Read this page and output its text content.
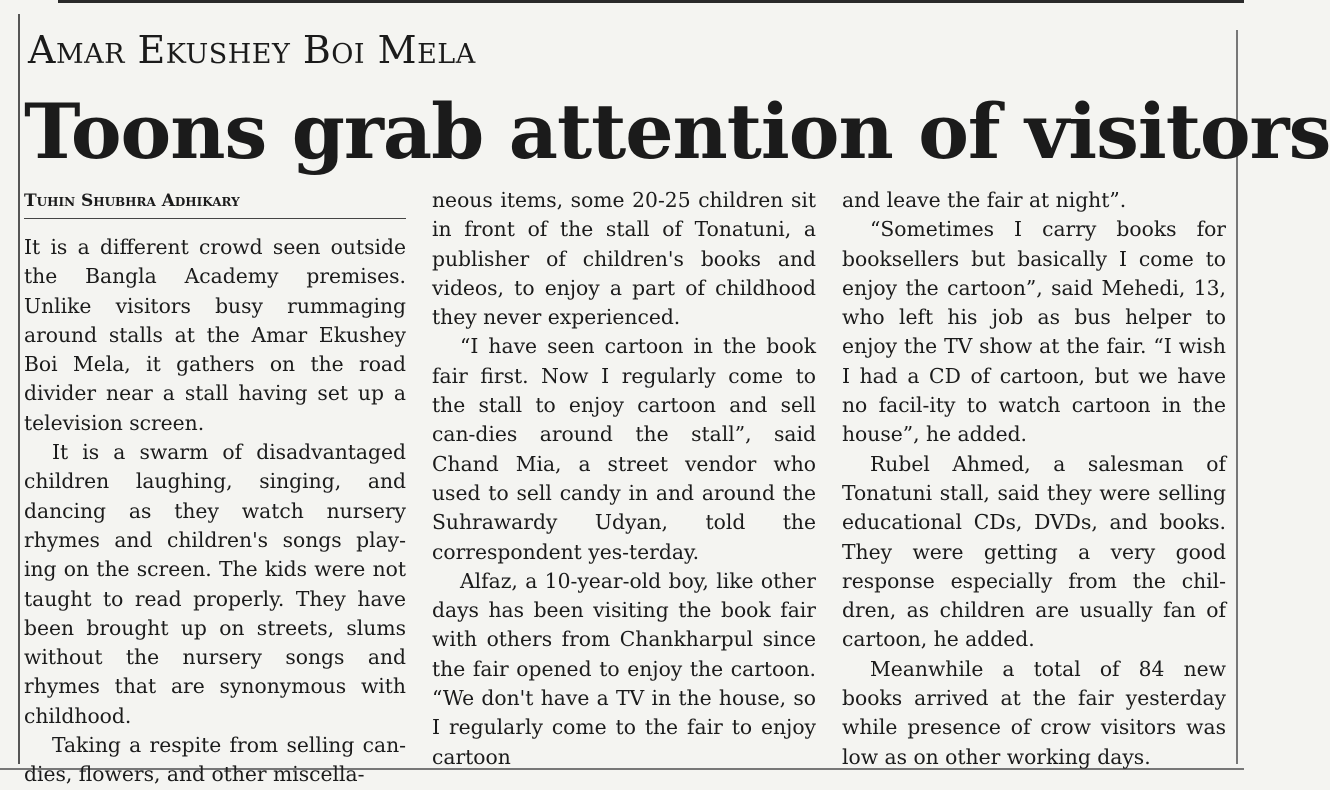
Amar Ekushey Boi Mela
Toons grab attention of visitors
Tuhin Shubhra Adhikary

It is a different crowd seen outside the Bangla Academy premises. Unlike visitors busy rummaging around stalls at the Amar Ekushey Boi Mela, it gathers on the road divider near a stall having set up a television screen.

It is a swarm of disadvantaged children laughing, singing, and dancing as they watch nursery rhymes and children's songs play-ing on the screen. The kids were not taught to read properly. They have been brought up on streets, slums without the nursery songs and rhymes that are synonymous with childhood.

Taking a respite from selling can-dies, flowers, and other miscella-

neous items, some 20-25 children sit in front of the stall of Tonatuni, a publisher of children's books and videos, to enjoy a part of childhood they never experienced.

“I have seen cartoon in the book fair first. Now I regularly come to the stall to enjoy cartoon and sell can-dies around the stall”, said Chand Mia, a street vendor who used to sell candy in and around the Suhrawardy Udyan, told the correspondent yes-terday.

Alfaz, a 10-year-old boy, like other days has been visiting the book fair with others from Chankharpul since the fair opened to enjoy the cartoon. “We don't have a TV in the house, so I regularly come to the fair to enjoy cartoon

and leave the fair at night”.

“Sometimes I carry books for booksellers but basically I come to enjoy the cartoon”, said Mehedi, 13, who left his job as bus helper to enjoy the TV show at the fair. “I wish I had a CD of cartoon, but we have no facil-ity to watch cartoon in the house”, he added.

Rubel Ahmed, a salesman of Tonatuni stall, said they were selling educational CDs, DVDs, and books. They were getting a very good response especially from the chil-dren, as children are usually fan of cartoon, he added.

Meanwhile a total of 84 new books arrived at the fair yesterday while presence of crow visitors was low as on other working days.
